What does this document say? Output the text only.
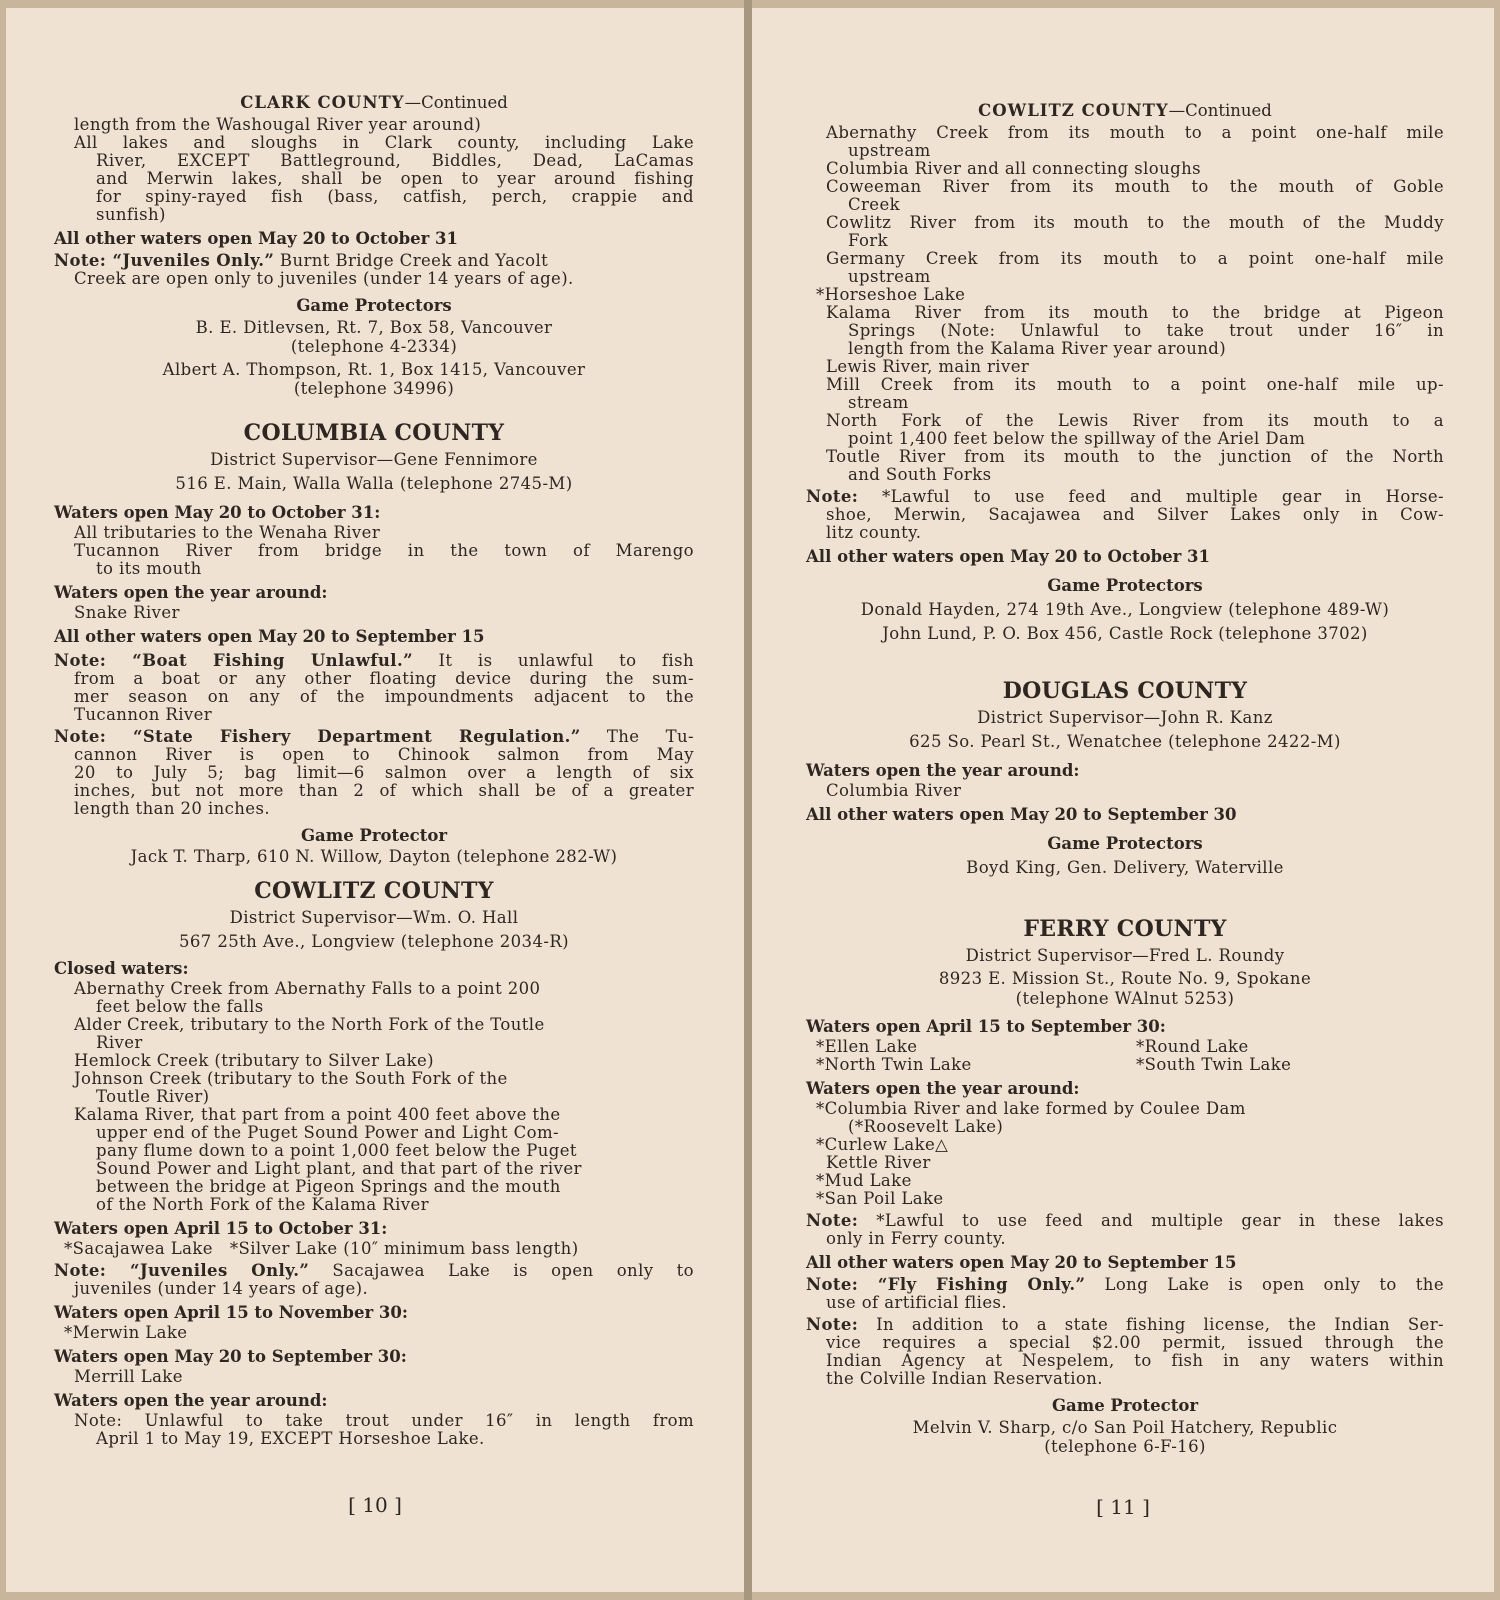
CLARK COUNTY—Continued
length from the Washougal River year around)
All lakes and sloughs in Clark county, including Lake
River, EXCEPT Battleground, Biddles, Dead, LaCamas
and Merwin lakes, shall be open to year around fishing
for spiny-rayed fish (bass, catfish, perch, crappie and
sunfish)
All other waters open May 20 to October 31
Note: “Juveniles Only.” Burnt Bridge Creek and Yacolt
Creek are open only to juveniles (under 14 years of age).
Game Protectors
B. E. Ditlevsen, Rt. 7, Box 58, Vancouver
(telephone 4-2334)
Albert A. Thompson, Rt. 1, Box 1415, Vancouver
(telephone 34996)
COLUMBIA COUNTY
District Supervisor—Gene Fennimore
516 E. Main, Walla Walla (telephone 2745-M)
Waters open May 20 to October 31:
All tributaries to the Wenaha River
Tucannon River from bridge in the town of Marengo
to its mouth
Waters open the year around:
Snake River
All other waters open May 20 to September 15
Note: “Boat Fishing Unlawful.” It is unlawful to fish
from a boat or any other floating device during the sum-
mer season on any of the impoundments adjacent to the
Tucannon River
Note: “State Fishery Department Regulation.” The Tu-
cannon River is open to Chinook salmon from May
20 to July 5; bag limit—6 salmon over a length of six
inches, but not more than 2 of which shall be of a greater
length than 20 inches.
Game Protector
Jack T. Tharp, 610 N. Willow, Dayton (telephone 282-W)
COWLITZ COUNTY
District Supervisor—Wm. O. Hall
567 25th Ave., Longview (telephone 2034-R)
Closed waters:
Abernathy Creek from Abernathy Falls to a point 200
feet below the falls
Alder Creek, tributary to the North Fork of the Toutle
River
Hemlock Creek (tributary to Silver Lake)
Johnson Creek (tributary to the South Fork of the
Toutle River)
Kalama River, that part from a point 400 feet above the
upper end of the Puget Sound Power and Light Com-
pany flume down to a point 1,000 feet below the Puget
Sound Power and Light plant, and that part of the river
between the bridge at Pigeon Springs and the mouth
of the North Fork of the Kalama River
Waters open April 15 to October 31:
*Sacajawea Lake   *Silver Lake (10″ minimum bass length)
Note: “Juveniles Only.” Sacajawea Lake is open only to
juveniles (under 14 years of age).
Waters open April 15 to November 30:
*Merwin Lake
Waters open May 20 to September 30:
Merrill Lake
Waters open the year around:
Note: Unlawful to take trout under 16″ in length from
April 1 to May 19, EXCEPT Horseshoe Lake.
[ 10 ]
COWLITZ COUNTY—Continued
Abernathy Creek from its mouth to a point one-half mile
upstream
Columbia River and all connecting sloughs
Coweeman River from its mouth to the mouth of Goble
Creek
Cowlitz River from its mouth to the mouth of the Muddy
Fork
Germany Creek from its mouth to a point one-half mile
upstream
*Horseshoe Lake
Kalama River from its mouth to the bridge at Pigeon
Springs (Note: Unlawful to take trout under 16″ in
length from the Kalama River year around)
Lewis River, main river
Mill Creek from its mouth to a point one-half mile up-
stream
North Fork of the Lewis River from its mouth to a
point 1,400 feet below the spillway of the Ariel Dam
Toutle River from its mouth to the junction of the North
and South Forks
Note: *Lawful to use feed and multiple gear in Horse-
shoe, Merwin, Sacajawea and Silver Lakes only in Cow-
litz county.
All other waters open May 20 to October 31
Game Protectors
Donald Hayden, 274 19th Ave., Longview (telephone 489-W)
John Lund, P. O. Box 456, Castle Rock (telephone 3702)
DOUGLAS COUNTY
District Supervisor—John R. Kanz
625 So. Pearl St., Wenatchee (telephone 2422-M)
Waters open the year around:
Columbia River
All other waters open May 20 to September 30
Game Protectors
Boyd King, Gen. Delivery, Waterville
FERRY COUNTY
District Supervisor—Fred L. Roundy
8923 E. Mission St., Route No. 9, Spokane
(telephone WAlnut 5253)
Waters open April 15 to September 30:
*Ellen Lake	*Round Lake
*North Twin Lake	*South Twin Lake
Waters open the year around:
*Columbia River and lake formed by Coulee Dam
(*Roosevelt Lake)
*Curlew Lake△
Kettle River
*Mud Lake
*San Poil Lake
Note: *Lawful to use feed and multiple gear in these lakes
only in Ferry county.
All other waters open May 20 to September 15
Note: “Fly Fishing Only.” Long Lake is open only to the
use of artificial flies.
Note: In addition to a state fishing license, the Indian Ser-
vice requires a special $2.00 permit, issued through the
Indian Agency at Nespelem, to fish in any waters within
the Colville Indian Reservation.
Game Protector
Melvin V. Sharp, c/o San Poil Hatchery, Republic
(telephone 6-F-16)
[ 11 ]
